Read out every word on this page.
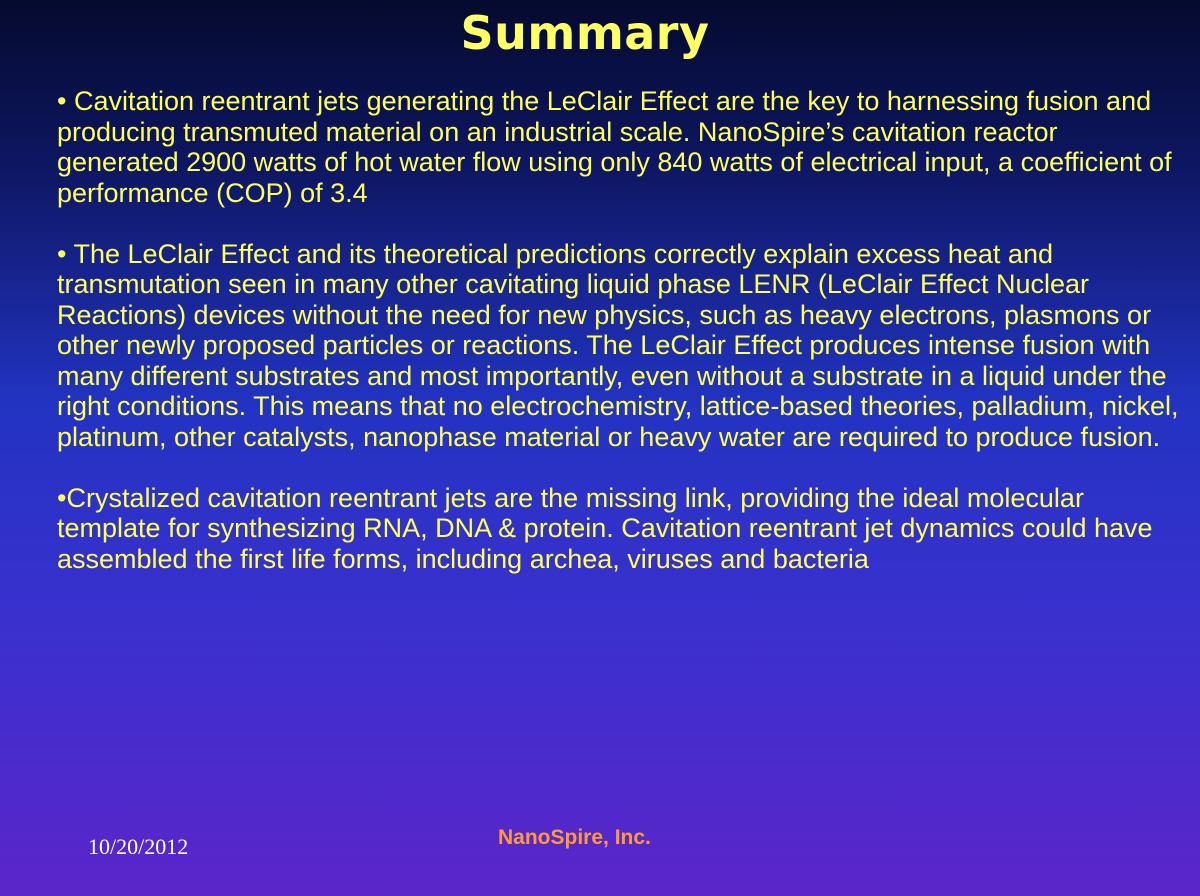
Summary

• Cavitation reentrant jets generating the LeClair Effect are the key to harnessing fusion and producing transmuted material on an industrial scale. NanoSpire’s cavitation reactor generated 2900 watts of hot water flow using only 840 watts of electrical input, a coefficient of performance (COP) of 3.4

• The LeClair Effect and its theoretical predictions correctly explain excess heat and transmutation seen in many other cavitating liquid phase LENR (LeClair Effect Nuclear Reactions) devices without the need for new physics, such as heavy electrons, plasmons or other newly proposed particles or reactions. The LeClair Effect produces intense fusion with many different substrates and most importantly, even without a substrate in a liquid under the right conditions. This means that no electrochemistry, lattice-based theories, palladium, nickel, platinum, other catalysts, nanophase material or heavy water are required to produce fusion.

•Crystalized cavitation reentrant jets are the missing link, providing the ideal molecular template for synthesizing RNA, DNA & protein. Cavitation reentrant jet dynamics could have assembled the first life forms, including archea, viruses and bacteria

10/20/2012	NanoSpire, Inc.
